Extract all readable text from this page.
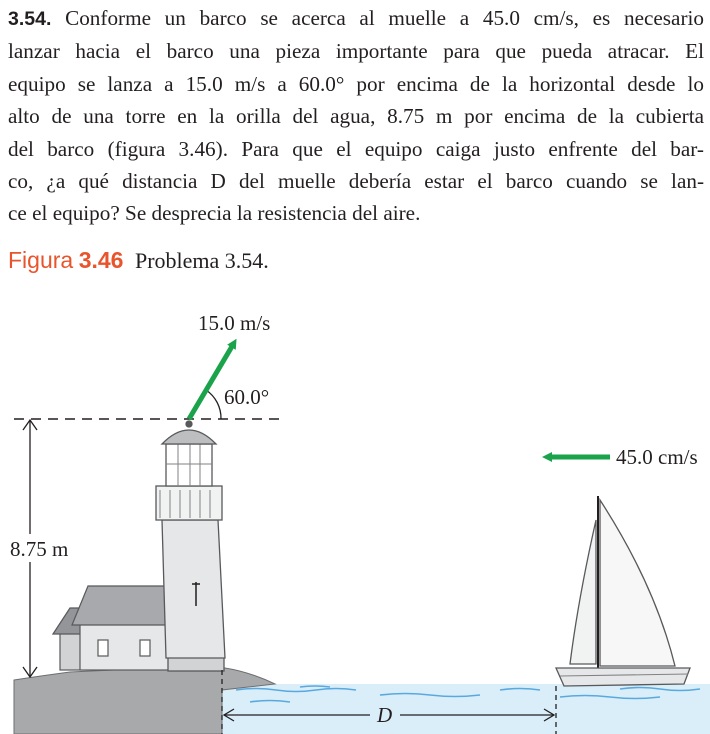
3.54. Conforme un barco se acerca al muelle a 45.0 cm/s, es necesario
lanzar hacia el barco una pieza importante para que pueda atracar. El
equipo se lanza a 15.0 m/s a 60.0° por encima de la horizontal desde lo
alto de una torre en la orilla del agua, 8.75 m por encima de la cubierta
del barco (figura 3.46). Para que el equipo caiga justo enfrente del bar-
co, ¿a qué distancia D del muelle debería estar el barco cuando se lan-
ce el equipo? Se desprecia la resistencia del aire.
Figura 3.46 Problema 3.54.
8.75 m
60.0°
15.0 m/s
45.0 cm/s
D
